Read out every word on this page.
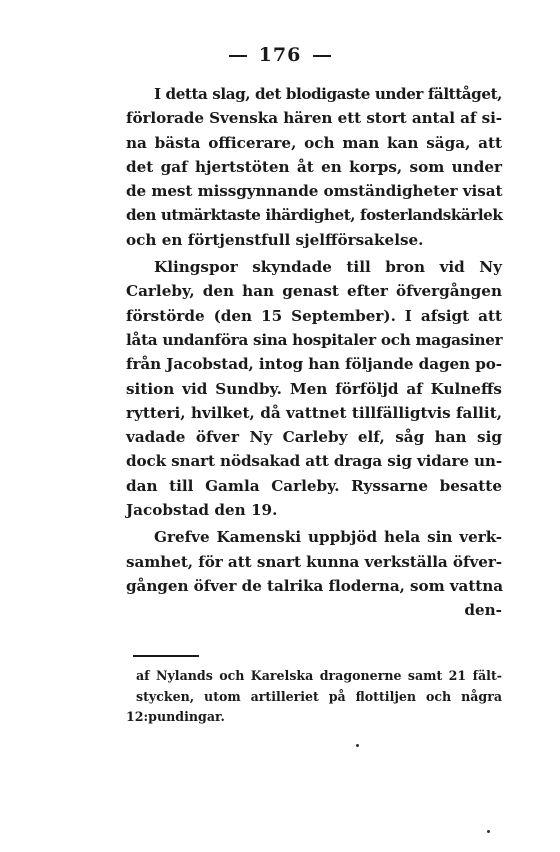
176
I detta slag, det blodigaste under fälttåget,
förlorade Svenska hären ett stort antal af si-
na bästa officerare, och man kan säga, att
det gaf hjertstöten åt en korps, som under
de mest missgynnande omständigheter visat
den utmärktaste ihärdighet, fosterlandskärlek
och en förtjenstfull sjelfförsakelse.
Klingspor skyndade till bron vid Ny
Carleby, den han genast efter öfvergången
förstörde (den 15 September). I afsigt att
låta undanföra sina hospitaler och magasiner
från Jacobstad, intog han följande dagen po-
sition vid Sundby. Men förföljd af Kulneffs
rytteri, hvilket, då vattnet tillfälligtvis fallit,
vadade öfver Ny Carleby elf, såg han sig
dock snart nödsakad att draga sig vidare un-
dan till Gamla Carleby. Ryssarne besatte
Jacobstad den 19.
Grefve Kamenski uppbjöd hela sin verk-
samhet, för att snart kunna verkställa öfver-
gången öfver de talrika floderna, som vattna
den-
af Nylands och Karelska dragonerne samt 21 fält-
stycken, utom artilleriet på flottiljen och några
12:pundingar.
